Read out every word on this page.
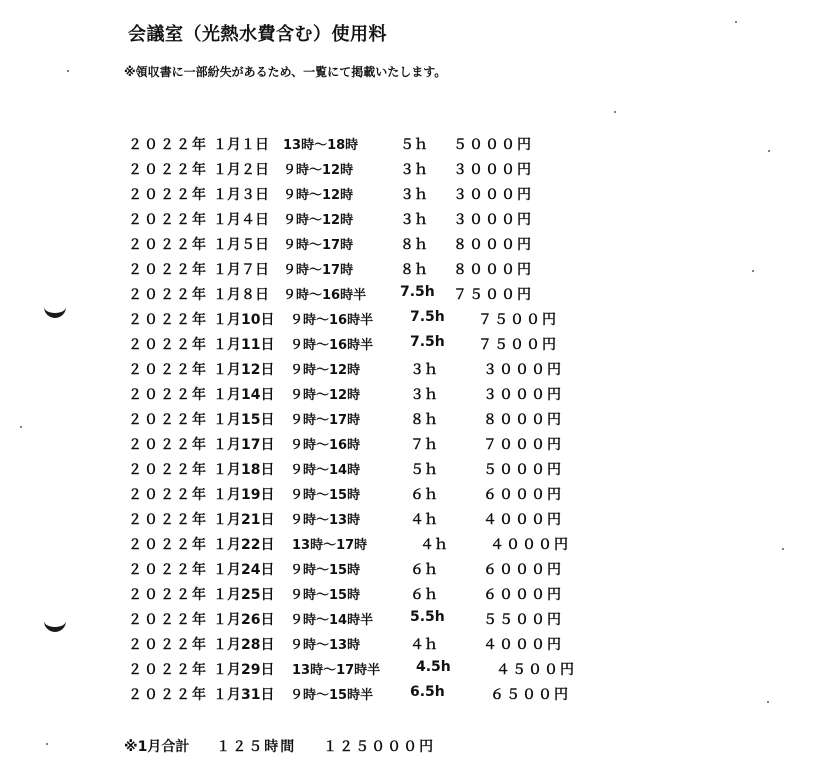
会議室（光熱水費含む）使用料
※領収書に一部紛失があるため、一覧にて掲載いたします。
２０２２年 １月１日 13時～18時	５ｈ ５０００円
２０２２年 １月２日 ９時～12時	３ｈ ３０００円
２０２２年 １月３日 ９時～12時	３ｈ ３０００円
２０２２年 １月４日 ９時～12時	３ｈ ３０００円
２０２２年 １月５日 ９時～17時	８ｈ ８０００円
２０２２年 １月７日 ９時～17時	８ｈ ８０００円
２０２２年 １月８日 ９時～16時半 7.5h ７５００円
２０２２年 １月10日 ９時～16時半	7.5h ７５００円
２０２２年 １月11日 ９時～16時半	7.5h ７５００円
２０２２年 １月12日 ９時～12時	３ｈ	３０００円
２０２２年 １月14日 ９時～12時	３ｈ	３０００円
２０２２年 １月15日 ９時～17時	８ｈ	８０００円
２０２２年 １月17日 ９時～16時	７ｈ	７０００円
２０２２年 １月18日 ９時～14時	５ｈ	５０００円
２０２２年 １月19日 ９時～15時	６ｈ	６０００円
２０２２年 １月21日 ９時～13時	４ｈ	４０００円
２０２２年 １月22日 13時～17時	４ｈ	４０００円
２０２２年 １月24日 ９時～15時	６ｈ	６０００円
２０２２年 １月25日 ９時～15時	６ｈ	６０００円
２０２２年 １月26日 ９時～14時半	5.5h	５５００円
２０２２年 １月28日 ９時～13時	４ｈ	４０００円
２０２２年 １月29日 13時～17時半	4.5h	４５００円
２０２２年 １月31日 ９時～15時半	6.5h	６５００円
※1月合計 １２５時間 １２５０００円
